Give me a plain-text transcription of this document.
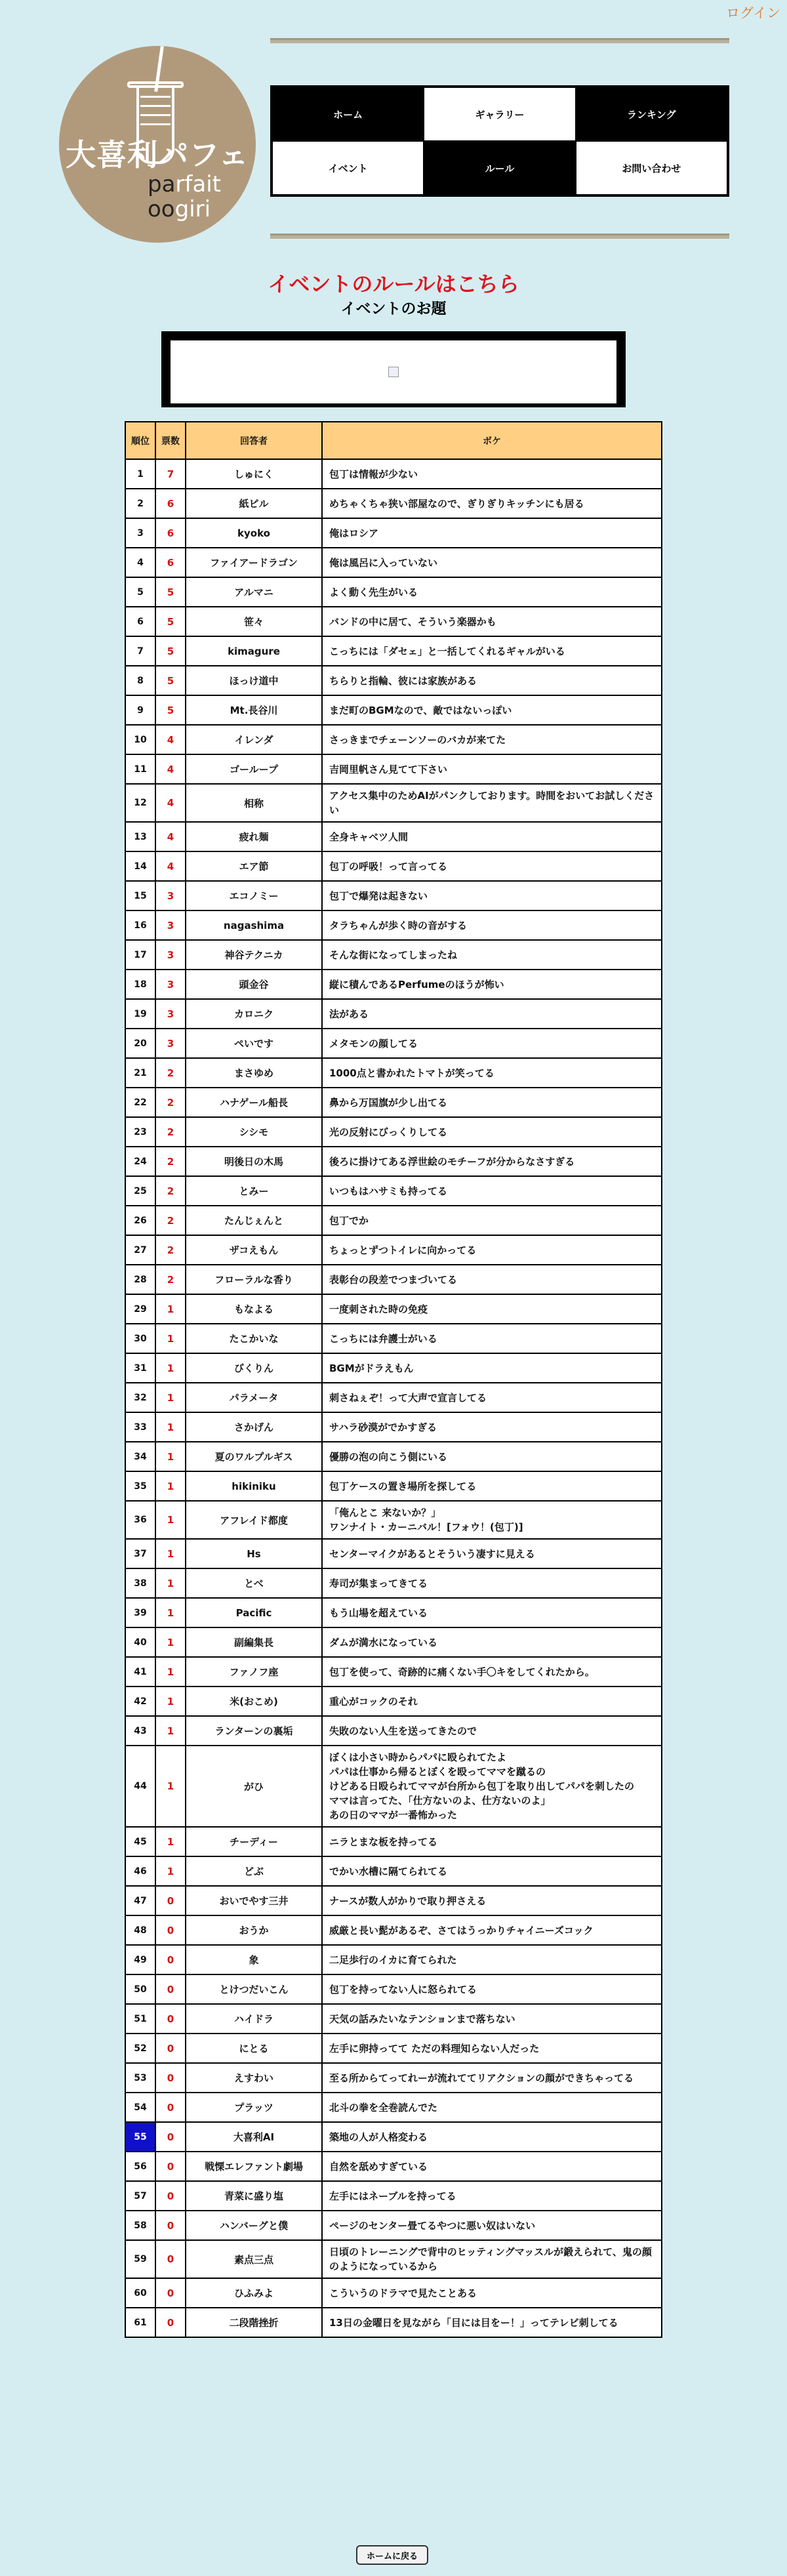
ログイン
大喜利パフェ
parfait
oogiri
ホーム	ギャラリー	ランキング
イベント	ルール	お問い合わせ
イベントのルールはこちら
イベントのお題
順位	票数	回答者	ボケ
1	7	しゅにく	包丁は情報が少ない
2	6	紙ピル	めちゃくちゃ狭い部屋なので、ぎりぎりキッチンにも居る
3	6	kyoko	俺はロシア
4	6	ファイアードラゴン	俺は風呂に入っていない
5	5	アルマニ	よく動く先生がいる
6	5	笹々	バンドの中に居て、そういう楽器かも
7	5	kimagure	こっちには「ダセェ」と一括してくれるギャルがいる
8	5	ほっけ道中	ちらりと指輪、彼には家族がある
9	5	Mt.長谷川	まだ町のBGMなので、敵ではないっぽい
10	4	イレンダ	さっきまでチェーンソーのバカが来てた
11	4	ゴーループ	吉岡里帆さん見てて下さい
12	4	相称	アクセス集中のためAIがパンクしております。時間をおいてお試しください
13	4	疲れ麺	全身キャベツ人間
14	4	エア節	包丁の呼吸！って言ってる
15	3	エコノミー	包丁で爆発は起きない
16	3	nagashima	タラちゃんが歩く時の音がする
17	3	神谷テクニカ	そんな街になってしまったね
18	3	頭金谷	縦に積んであるPerfumeのほうが怖い
19	3	カロニク	法がある
20	3	ぺいです	メタモンの顔してる
21	2	まさゆめ	1000点と書かれたトマトが笑ってる
22	2	ハナゲール船長	鼻から万国旗が少し出てる
23	2	シシモ	光の反射にびっくりしてる
24	2	明後日の木馬	後ろに掛けてある浮世絵のモチーフが分からなさすぎる
25	2	とみー	いつもはハサミも持ってる
26	2	たんじぇんと	包丁でか
27	2	ザコえもん	ちょっとずつトイレに向かってる
28	2	フローラルな香り	表彰台の段差でつまづいてる
29	1	もなよる	一度刺された時の免疫
30	1	たこかいな	こっちには弁護士がいる
31	1	びくりん	BGMがドラえもん
32	1	パラメータ	刺さねぇぞ！って大声で宣言してる
33	1	さかげん	サハラ砂漠がでかすぎる
34	1	夏のワルプルギス	優勝の泡の向こう側にいる
35	1	hikiniku	包丁ケースの置き場所を探してる
36	1	アフレイド都度	「俺んとこ 来ないか？」
ワンナイト・カーニバル！[フォウ！(包丁)]
37	1	Hs	センターマイクがあるとそういう凄すに見える
38	1	とべ	寿司が集まってきてる
39	1	Pacific	もう山場を超えている
40	1	副編集長	ダムが満水になっている
41	1	ファノフ座	包丁を使って、奇跡的に痛くない手〇キをしてくれたから。
42	1	米(おこめ)	重心がコックのそれ
43	1	ランターンの裏垢	失敗のない人生を送ってきたので
44	1	がひ	ぼくは小さい時からパパに殴られてたよ
パパは仕事から帰るとぼくを殴ってママを蹴るの
けどある日殴られてママが台所から包丁を取り出してパパを刺したの
ママは言ってた、「仕方ないのよ、仕方ないのよ」
あの日のママが一番怖かった
45	1	チーディー	ニラとまな板を持ってる
46	1	どぶ	でかい水槽に隔てられてる
47	0	おいでやす三井	ナースが数人がかりで取り押さえる
48	0	おうか	威厳と長い髭があるぞ、さてはうっかりチャイニーズコック
49	0	象	二足歩行のイカに育てられた
50	0	とけつだいこん	包丁を持ってない人に怒られてる
51	0	ハイドラ	天気の話みたいなテンションまで落ちない
52	0	にとる	左手に卵持ってて ただの料理知らない人だった
53	0	えすわい	至る所からてってれーが流れててリアクションの顔ができちゃってる
54	0	プラッツ	北斗の拳を全巻読んでた
55	0	大喜利AI	築地の人が人格変わる
56	0	戦慄エレファント劇場	自然を舐めすぎている
57	0	青菜に盛り塩	左手にはネーブルを持ってる
58	0	ハンバーグと僕	ページのセンター畳てるやつに悪い奴はいない
59	0	素点三点	日頃のトレーニングで背中のヒッティングマッスルが鍛えられて、鬼の顔のようになっているから
60	0	ひふみよ	こういうのドラマで見たことある
61	0	二段階挫折	13日の金曜日を見ながら「目には目をー！」ってテレビ刺してる
ホームに戻る
